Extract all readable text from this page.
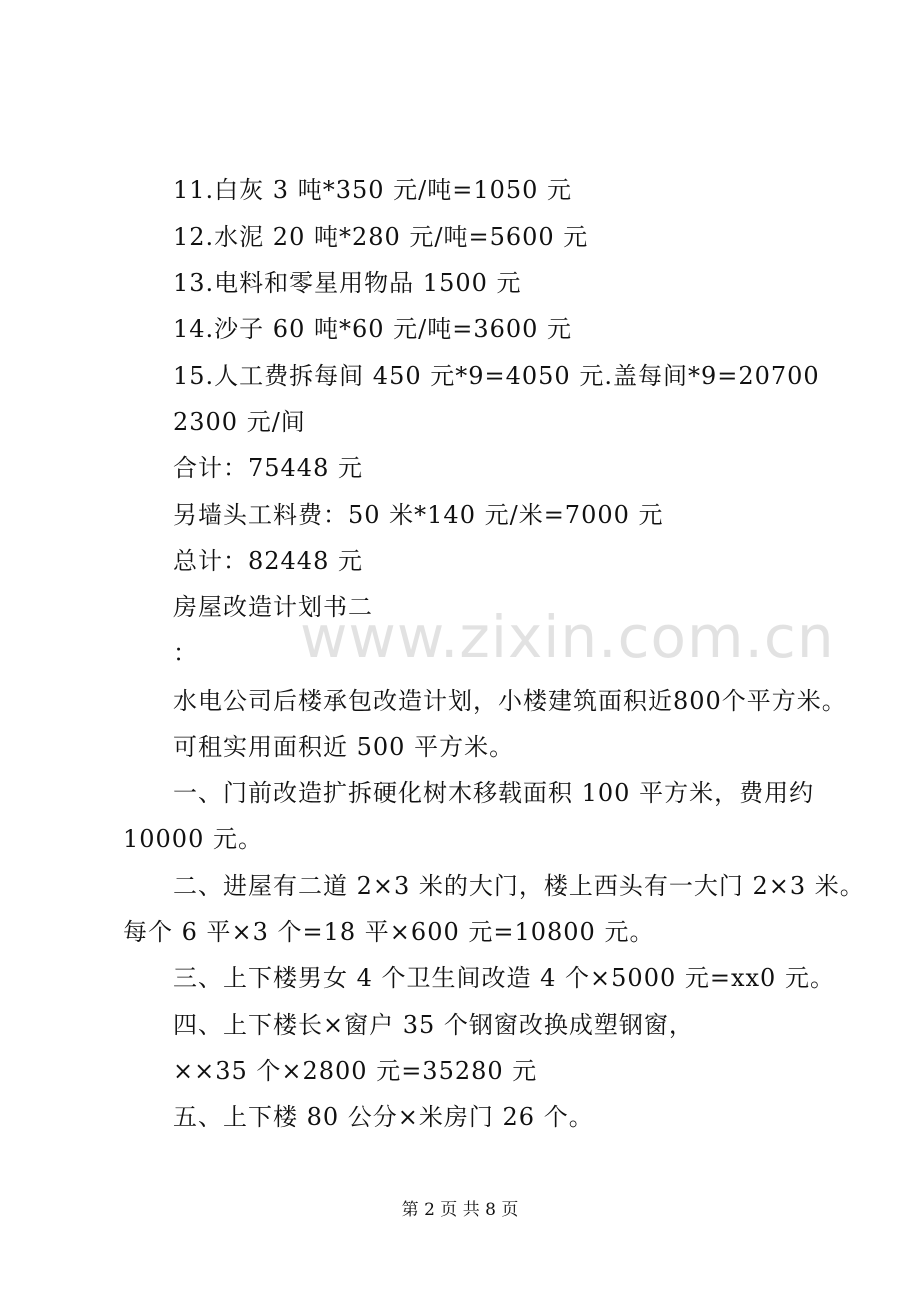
www.zixin.com.cn
11.白灰 3 吨*350 元/吨=1050 元
12.水泥 20 吨*280 元/吨=5600 元
13.电料和零星用物品 1500 元
14.沙子 60 吨*60 元/吨=3600 元
15.人工费拆每间 450 元*9=4050 元.盖每间*9=20700
2300 元/间
合计：75448 元
另墙头工料费：50 米*140 元/米=7000 元
总计：82448 元
房屋改造计划书二
：
水电公司后楼承包改造计划，小楼建筑面积近800个平方米。
可租实用面积近 500 平方米。
一、门前改造扩拆硬化树木移载面积 100 平方米，费用约
10000 元。
二、进屋有二道 2×3 米的大门，楼上西头有一大门 2×3 米。
每个 6 平×3 个=18 平×600 元=10800 元。
三、上下楼男女 4 个卫生间改造 4 个×5000 元=xx0 元。
四、上下楼长×窗户 35 个钢窗改换成塑钢窗，
××35 个×2800 元=35280 元
五、上下楼 80 公分×米房门 26 个。
第 2 页 共 8 页
